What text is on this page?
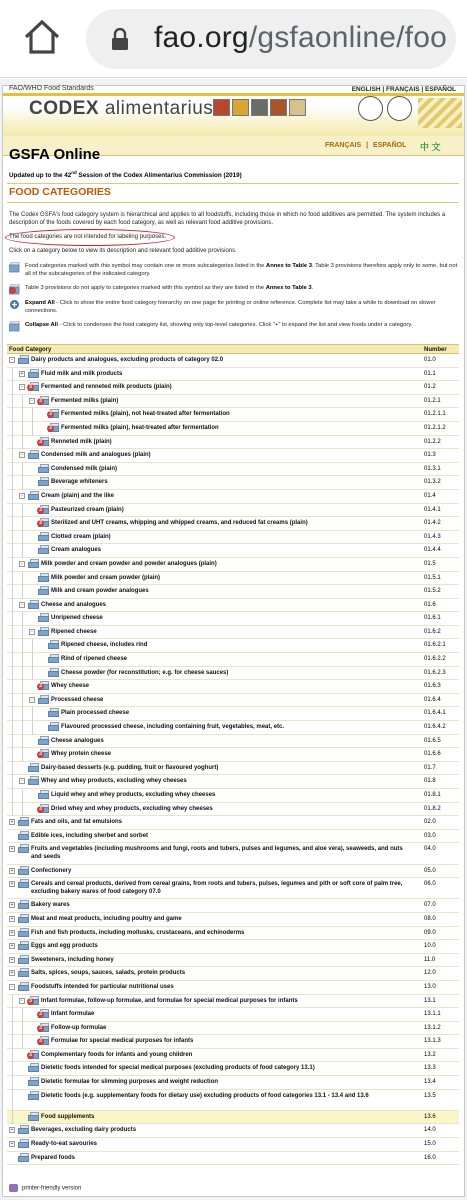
fao.org/gsfaonline/foo
FAO/WHO Food Standards	ENGLISH | FRANÇAIS | ESPAÑOL
CODEX alimentarius
FRANÇAIS | ESPAÑOL	中 文
GSFA Online
Updated up to the 42nd Session of the Codex Alimentarius Commission (2019)
FOOD CATEGORIES
The Codex GSFA's food category system is hierarchical and applies to all foodstuffs, including those in which no food additives are permitted. The system includes a description of the foods covered by each food category, as well as relevant food additive provisions.
The food categories are not intended for labeling purposes.
Click on a category below to view its description and relevant food additive provisions.
Food categories marked with this symbol may contain one or more subcategories listed in the Annex to Table 3. Table 3 provisions therefore apply only to some, but not all of the subcategories of the indicated category.
Table 3 provisions do not apply to categories marked with this symbol as they are listed in the Annex to Table 3.
Expand All - Click to show the entire food category hierarchy on one page for printing or online reference. Complete list may take a while to download on slower connections.
Collapse All - Click to condenses the food category list, showing only top-level categories. Click "+" to expand the list and view foods under a category.
Food Category	Number
-	Dairy products and analogues, excluding products of category 02.0	01.0
+	Fluid milk and milk products	01.1
-	3	Fermented and renneted milk products (plain)	01.2
-	3	Fermented milks (plain)	01.2.1
3	Fermented milks (plain), not heat-treated after fermentation	01.2.1.1
3	Fermented milks (plain), heat-treated after fermentation	01.2.1.2
3	Renneted milk (plain)	01.2.2
-	Condensed milk and analogues (plain)	01.3
Condensed milk (plain)	01.3.1
Beverage whiteners	01.3.2
-	Cream (plain) and the like	01.4
3	Pasteurized cream (plain)	01.4.1
3	Sterilized and UHT creams, whipping and whipped creams, and reduced fat creams (plain)	01.4.2
Clotted cream (plain)	01.4.3
Cream analogues	01.4.4
-	Milk powder and cream powder and powder analogues (plain)	01.5
Milk powder and cream powder (plain)	01.5.1
Milk and cream powder analogues	01.5.2
-	Cheese and analogues	01.6
Unripened cheese	01.6.1
-	Ripened cheese	01.6.2
Ripened cheese, includes rind	01.6.2.1
Rind of ripened cheese	01.6.2.2
Cheese powder (for reconstitution; e.g. for cheese sauces)	01.6.2.3
3	Whey cheese	01.6.3
-	Processed cheese	01.6.4
Plain processed cheese	01.6.4.1
Flavoured processed cheese, including containing fruit, vegetables, meat, etc.	01.6.4.2
Cheese analogues	01.6.5
3	Whey protein cheese	01.6.6
Dairy-based desserts (e.g. pudding, fruit or flavoured yoghurt)	01.7
-	Whey and whey products, excluding whey cheeses	01.8
Liquid whey and whey products, excluding whey cheeses	01.8.1
3	Dried whey and whey products, excluding whey cheeses	01.8.2
+	Fats and oils, and fat emulsions	02.0
Edible ices, including sherbet and sorbet	03.0
+	Fruits and vegetables (including mushrooms and fungi, roots and tubers, pulses and legumes, and aloe vera), seaweeds, and nuts and seeds
04.0
+	Confectionery	05.0
+	Cereals and cereal products, derived from cereal grains, from roots and tubers, pulses, legumes and pith or soft core of palm tree, excluding bakery wares of food category 07.0
06.0
+	Bakery wares	07.0
+	Meat and meat products, including poultry and game	08.0
+	Fish and fish products, including mollusks, crustaceans, and echinoderms	09.0
+	Eggs and egg products	10.0
+	Sweeteners, including honey	11.0
+	Salts, spices, soups, sauces, salads, protein products	12.0
-	Foodstuffs intended for particular nutritional uses	13.0
-	3	Infant formulae, follow-up formulae, and formulae for special medical purposes for infants	13.1
3	Infant formulae	13.1.1
3	Follow-up formulae	13.1.2
3	Formulae for special medical purposes for infants	13.1.3
3	Complementary foods for infants and young children	13.2
Dietetic foods intended for special medical purposes (excluding products of food category 13.1)	13.3
Dietetic formulae for slimming purposes and weight reduction	13.4
Dietetic foods (e.g. supplementary foods for dietary use) excluding products of food categories 13.1 - 13.4 and 13.6	13.5
Food supplements	13.6
+	Beverages, excluding dairy products	14.0
+	Ready-to-eat savouries	15.0
Prepared foods	16.0
printer-friendly version
